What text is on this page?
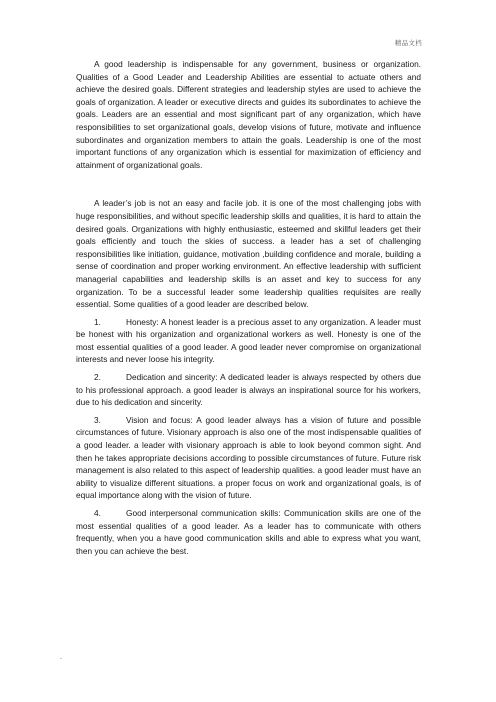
精品文档

A good leadership is indispensable for any government, business or organization. Qualities of a Good Leader and Leadership Abilities are essential to actuate others and achieve the desired goals. Different strategies and leadership styles are used to achieve the goals of organization. A leader or executive directs and guides its subordinates to achieve the goals. Leaders are an essential and most significant part of any organization, which have responsibilities to set organizational goals, develop visions of future, motivate and influence subordinates and organization members to attain the goals. Leadership is one of the most important functions of any organization which is essential for maximization of efficiency and attainment of organizational goals.

A leader’s job is not an easy and facile job. it is one of the most challenging jobs with huge responsibilities, and without specific leadership skills and qualities, it is hard to attain the desired goals. Organizations with highly enthusiastic, esteemed and skillful leaders get their goals efficiently and touch the skies of success. a leader has a set of challenging responsibilities like initiation, guidance, motivation ,building confidence and morale, building a sense of coordination and proper working environment. An effective leadership with sufficient managerial capabilities and leadership skills is an asset and key to success for any organization. To be a successful leader some leadership qualities requisites are really essential. Some qualities of a good leader are described below.

1.	Honesty: A honest leader is a precious asset to any organization. A leader must be honest with his organization and organizational workers as well. Honesty is one of the most essential qualities of a good leader. A good leader never compromise on organizational interests and never loose his integrity.

2.	Dedication and sincerity: A dedicated leader is always respected by others due to his professional approach. a good leader is always an inspirational source for his workers, due to his dedication and sincerity.

3.	Vision and focus: A good leader always has a vision of future and possible circumstances of future. Visionary approach is also one of the most indispensable qualities of a good leader. a leader with visionary approach is able to look beyond common sight. And then he takes appropriate decisions according to possible circumstances of future. Future risk management is also related to this aspect of leadership qualities. a good leader must have an ability to visualize different situations. a proper focus on work and organizational goals, is of equal importance along with the vision of future.

4.	Good interpersonal communication skills: Communication skills are one of the most essential qualities of a good leader. As a leader has to communicate with others frequently, when you a have good communication skills and able to express what you want, then you can achieve the best.

.
